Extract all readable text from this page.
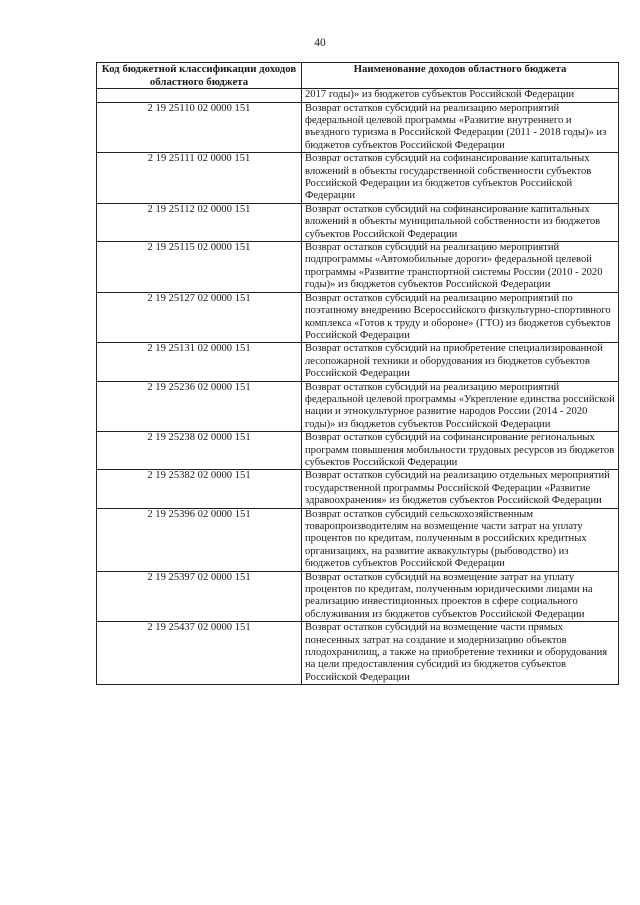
40
Код бюджетной классификации доходов областного бюджета	Наименование доходов областного бюджета
	2017 годы)» из бюджетов субъектов Российской Федерации
2 19 25110 02 0000 151	Возврат остатков субсидий на реализацию мероприятий федеральной целевой программы «Развитие внутреннего и въездного туризма в Российской Федерации (2011 - 2018 годы)» из бюджетов субъектов Российской Федерации
2 19 25111 02 0000 151	Возврат остатков субсидий на софинансирование капитальных вложений в объекты государственной собственности субъектов Российской Федерации из бюджетов субъектов Российской Федерации
2 19 25112 02 0000 151	Возврат остатков субсидий на софинансирование капитальных вложений в объекты муниципальной собственности из бюджетов субъектов Российской Федерации
2 19 25115 02 0000 151	Возврат остатков субсидий на реализацию мероприятий подпрограммы «Автомобильные дороги» федеральной целевой программы «Развитие транспортной системы России (2010 - 2020 годы)» из бюджетов субъектов Российской Федерации
2 19 25127 02 0000 151	Возврат остатков субсидий на реализацию мероприятий по поэтапному внедрению Всероссийского физкультурно-спортивного комплекса «Готов к труду и обороне» (ГТО) из бюджетов субъектов Российской Федерации
2 19 25131 02 0000 151	Возврат остатков субсидий на приобретение специализированной лесопожарной техники и оборудования из бюджетов субъектов Российской Федерации
2 19 25236 02 0000 151	Возврат остатков субсидий на реализацию мероприятий федеральной целевой программы «Укрепление единства российской нации и этнокультурное развитие народов России (2014 - 2020 годы)» из бюджетов субъектов Российской Федерации
2 19 25238 02 0000 151	Возврат остатков субсидий на софинансирование региональных программ повышения мобильности трудовых ресурсов из бюджетов субъектов Российской Федерации
2 19 25382 02 0000 151	Возврат остатков субсидий на реализацию отдельных мероприятий государственной программы Российской Федерации «Развитие здравоохранения» из бюджетов субъектов Российской Федерации
2 19 25396 02 0000 151	Возврат остатков субсидий сельскохозяйственным товаропроизводителям на возмещение части затрат на уплату процентов по кредитам, полученным в российских кредитных организациях, на развитие аквакультуры (рыбоводство) из бюджетов субъектов Российской Федерации
2 19 25397 02 0000 151	Возврат остатков субсидий на возмещение затрат на уплату процентов по кредитам, полученным юридическими лицами на реализацию инвестиционных проектов в сфере социального обслуживания из бюджетов субъектов Российской Федерации
2 19 25437 02 0000 151	Возврат остатков субсидий на возмещение части прямых понесенных затрат на создание и модернизацию объектов плодохранилищ, а также на приобретение техники и оборудования на цели предоставления субсидий из бюджетов субъектов Российской Федерации
